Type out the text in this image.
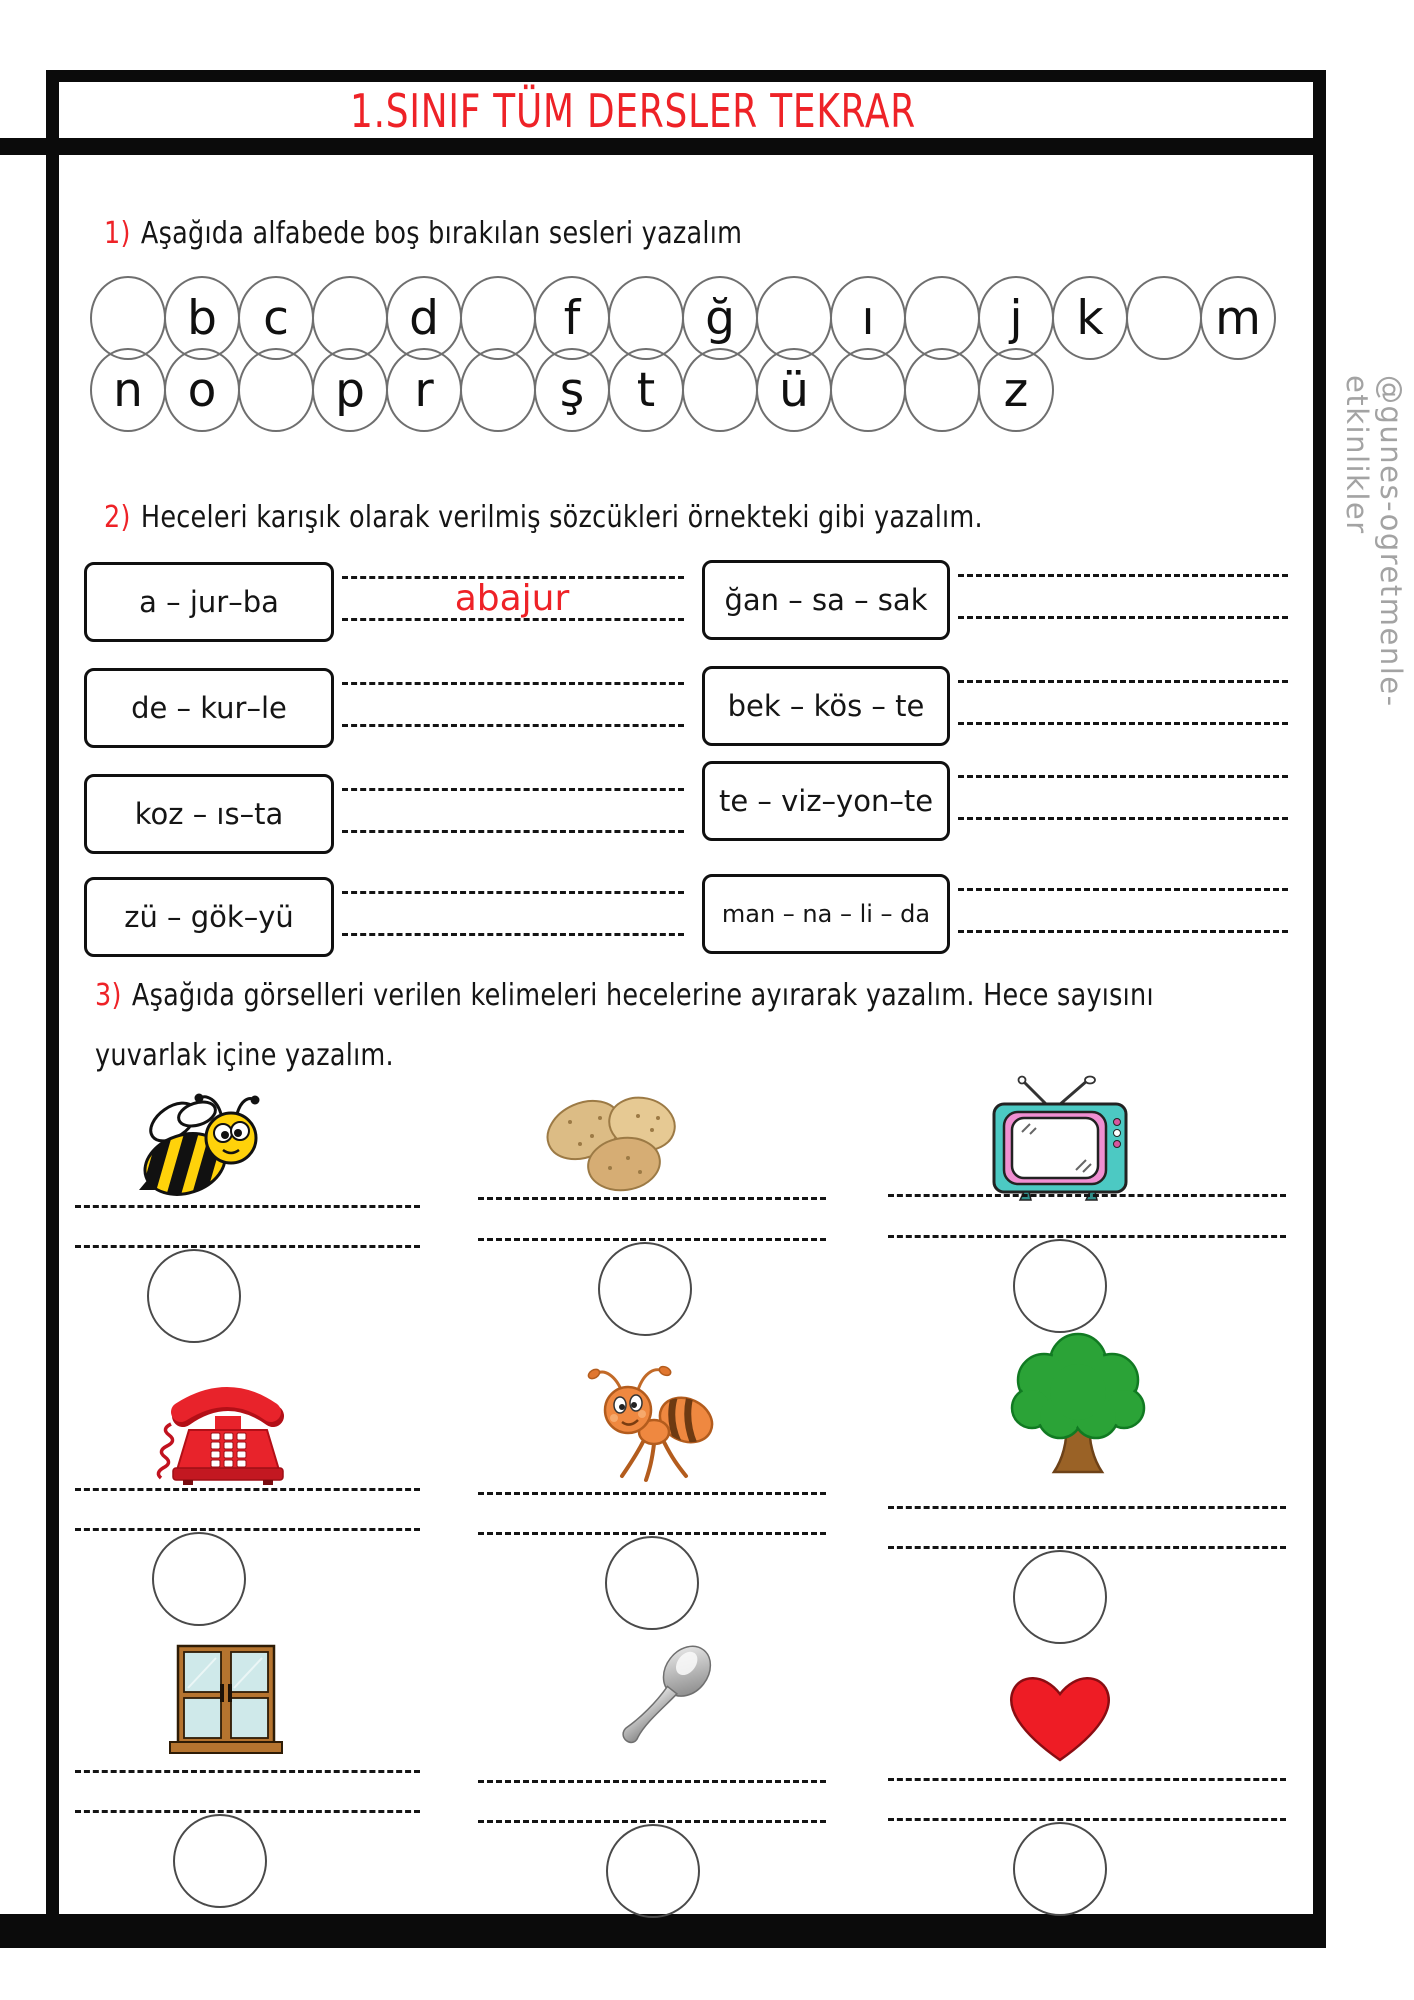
1.SINIF TÜM DERSLER TEKRAR
@gunes-ogretmenle-etkinlikler
1) Aşağıda alfabede boş bırakılan sesleri yazalım
b c	d	f	ğ	ı	j	k	m
n o	p	r	ş	t	ü	z
2) Heceleri karışık olarak verilmiş sözcükleri örnekteki gibi yazalım.
a – jur–ba	abajur
de – kur–le
koz – ıs–ta
zü – gök–yü
ğan – sa – sak
bek – kös – te
te – viz–yon–te
man – na – li – da
3) Aşağıda görselleri verilen kelimeleri hecelerine ayırarak yazalım. Hece sayısını
yuvarlak içine yazalım.
